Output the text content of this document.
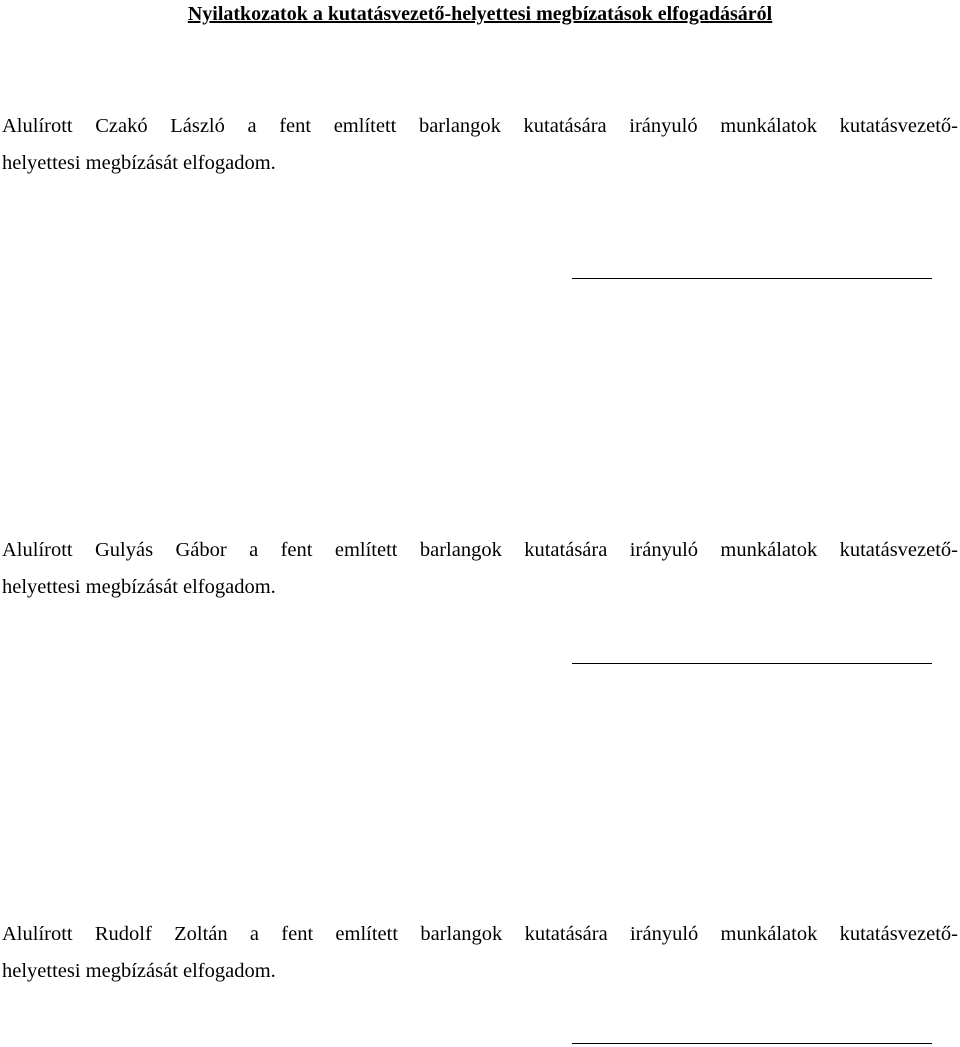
Nyilatkozatok a kutatásvezető-helyettesi megbízatások elfogadásáról
Alulírott Czakó László a fent említett barlangok kutatására irányuló munkálatok kutatásvezető-
helyettesi megbízását elfogadom.
Alulírott Gulyás Gábor a fent említett barlangok kutatására irányuló munkálatok kutatásvezető-
helyettesi megbízását elfogadom.
Alulírott Rudolf Zoltán a fent említett barlangok kutatására irányuló munkálatok kutatásvezető-
helyettesi megbízását elfogadom.
